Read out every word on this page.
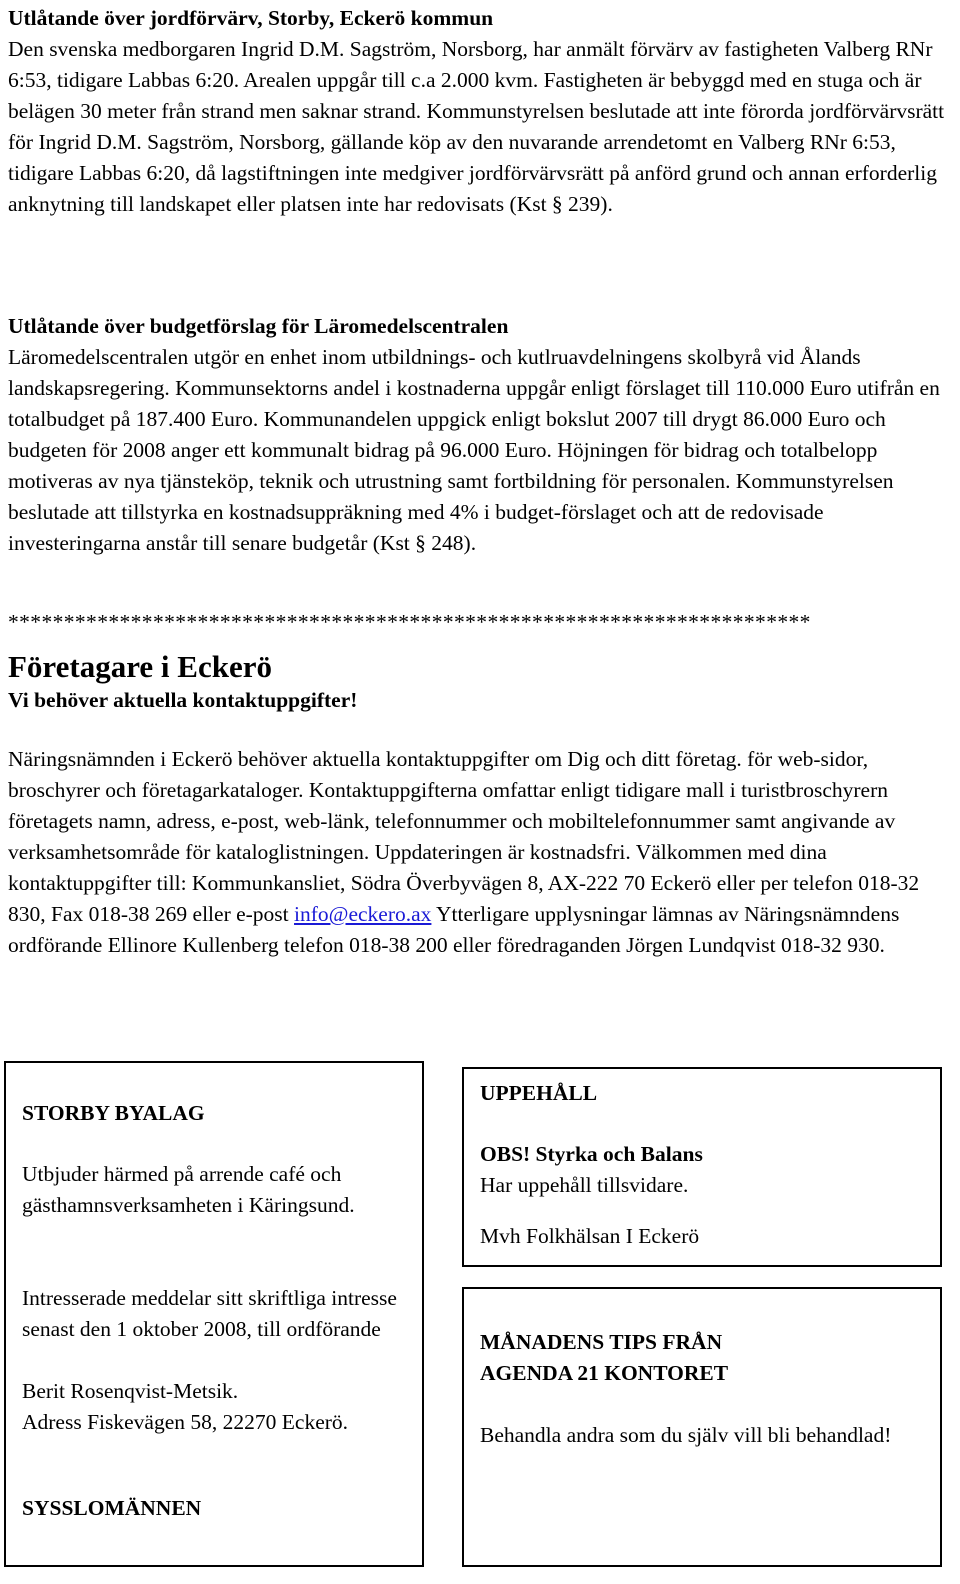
Utlåtande över jordförvärv, Storby, Eckerö kommun
Den svenska medborgaren Ingrid D.M. Sagström, Norsborg, har anmält förvärv av fastigheten Valberg RNr 6:53, tidigare Labbas 6:20. Arealen uppgår till c.a 2.000 kvm. Fastigheten är bebyggd med en stuga och är belägen 30 meter från strand men saknar strand. Kommunstyrelsen beslutade att inte förorda jordförvärvsrätt för Ingrid D.M. Sagström, Norsborg, gällande köp av den nuvarande arrendetomt en Valberg RNr 6:53, tidigare Labbas 6:20, då lagstiftningen inte medgiver jordförvärvsrätt på anförd grund och annan erforderlig anknytning till landskapet eller platsen inte har redovisats (Kst § 239).

Utlåtande över budgetförslag för Läromedelscentralen
Läromedelscentralen utgör en enhet inom utbildnings- och kutlruavdelningens skolbyrå vid Ålands landskapsregering. Kommunsektorns andel i kostnaderna uppgår enligt förslaget till 110.000 Euro utifrån en totalbudget på 187.400 Euro. Kommunandelen uppgick enligt bokslut 2007 till drygt 86.000 Euro och budgeten för 2008 anger ett kommunalt bidrag på 96.000 Euro. Höjningen för bidrag och totalbelopp motiveras av nya tjänsteköp, teknik och utrustning samt fortbildning för personalen. Kommunstyrelsen beslutade att tillstyrka en kostnadsuppräkning med 4% i budget-förslaget och att de redovisade investeringarna anstår till senare budgetår (Kst § 248).

************************************************************************
Företagare i Eckerö
Vi behöver aktuella kontaktuppgifter!

Näringsnämnden i Eckerö behöver aktuella kontaktuppgifter om Dig och ditt företag. för web-sidor, broschyrer och företagarkataloger. Kontaktuppgifterna omfattar enligt tidigare mall i turistbroschyrern företagets namn, adress, e-post, web-länk, telefonnummer och mobiltelefonnummer samt angivande av verksamhetsområde för kataloglistningen. Uppdateringen är kostnadsfri. Välkommen med dina kontaktuppgifter till: Kommunkansliet, Södra Överbyvägen 8, AX-222 70 Eckerö eller per telefon 018-32 830, Fax 018-38 269 eller e-post info@eckero.ax Ytterligare upplysningar lämnas av Näringsnämndens ordförande Ellinore Kullenberg telefon 018-38 200 eller föredraganden Jörgen Lundqvist 018-32 930.

STORBY BYALAG

Utbjuder härmed på arrende café och gästhamnsverksamheten i Käringsund.

Intresserade meddelar sitt skriftliga intresse senast den 1 oktober 2008, till ordförande

Berit Rosenqvist-Metsik.

Adress Fiskevägen 58, 22270 Eckerö.

SYSSLOMÄNNEN

UPPEHÅLL

OBS! Styrka och Balans

Har uppehåll tillsvidare.

Mvh Folkhälsan I Eckerö

MÅNADENS TIPS FRÅN

AGENDA 21 KONTORET

Behandla andra som du själv vill bli behandlad!
